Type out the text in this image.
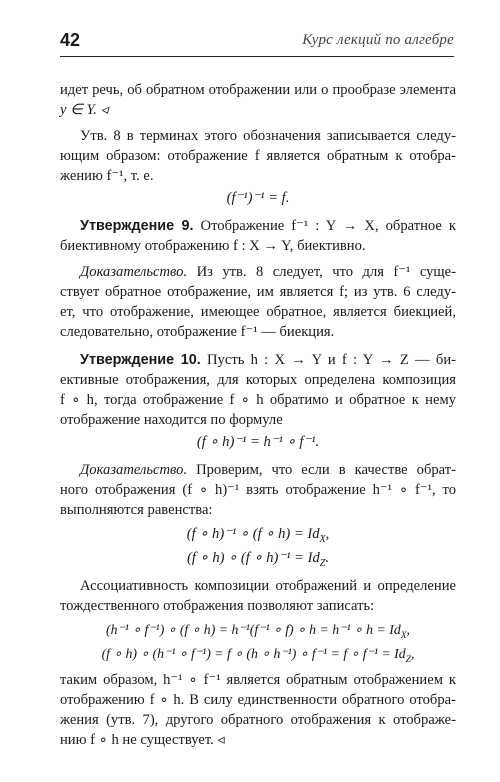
42	Курс лекций по алгебре
идет речь, об обратном отображении или о прообразе элемента
y ∈ Y. ◃
Утв. 8 в терминах этого обозначения записывается следу-
ющим образом: отображение f является обратным к отобра-
жению f⁻¹, т. е.
(f⁻¹)⁻¹ = f.
Утверждение 9. Отображение f⁻¹ : Y → X, обратное к
биективному отображению f : X → Y, биективно.
Доказательство. Из утв. 8 следует, что для f⁻¹ суще-
ствует обратное отображение, им является f; из утв. 6 следу-
ет, что отображение, имеющее обратное, является биекцией,
следовательно, отображение f⁻¹ — биекция.
Утверждение 10. Пусть h : X → Y и f : Y → Z — би-
ективные отображения, для которых определена композиция
f ∘ h, тогда отображение f ∘ h обратимо и обратное к нему
отображение находится по формуле
(f ∘ h)⁻¹ = h⁻¹ ∘ f⁻¹.
Доказательство. Проверим, что если в качестве обрат-
ного отображения (f ∘ h)⁻¹ взять отображение h⁻¹ ∘ f⁻¹, то
выполняются равенства:
(f ∘ h)⁻¹ ∘ (f ∘ $h) = Id_X$,
(f ∘ h) ∘ (f ∘ $h)^{-1} = Id_Z$.
Ассоциативность композиции отображений и определение
тождественного отображения позволяют записать:
(h⁻¹ ∘ f⁻¹) ∘ (f ∘ h) = h⁻¹(f⁻¹ ∘ f) ∘ h = h⁻¹ ∘ $h = Id_X$,
(f ∘ h) ∘ (h⁻¹ ∘ f⁻¹) = f ∘ (h ∘ h⁻¹) ∘ f⁻¹ = f ∘ $f^{-1} = Id_Z$,
таким образом, h⁻¹ ∘ f⁻¹ является обратным отображением к
отображению f ∘ h. В силу единственности обратного отобра-
жения (утв. 7), другого обратного отображения к отображе-
нию f ∘ h не существует. ◃
